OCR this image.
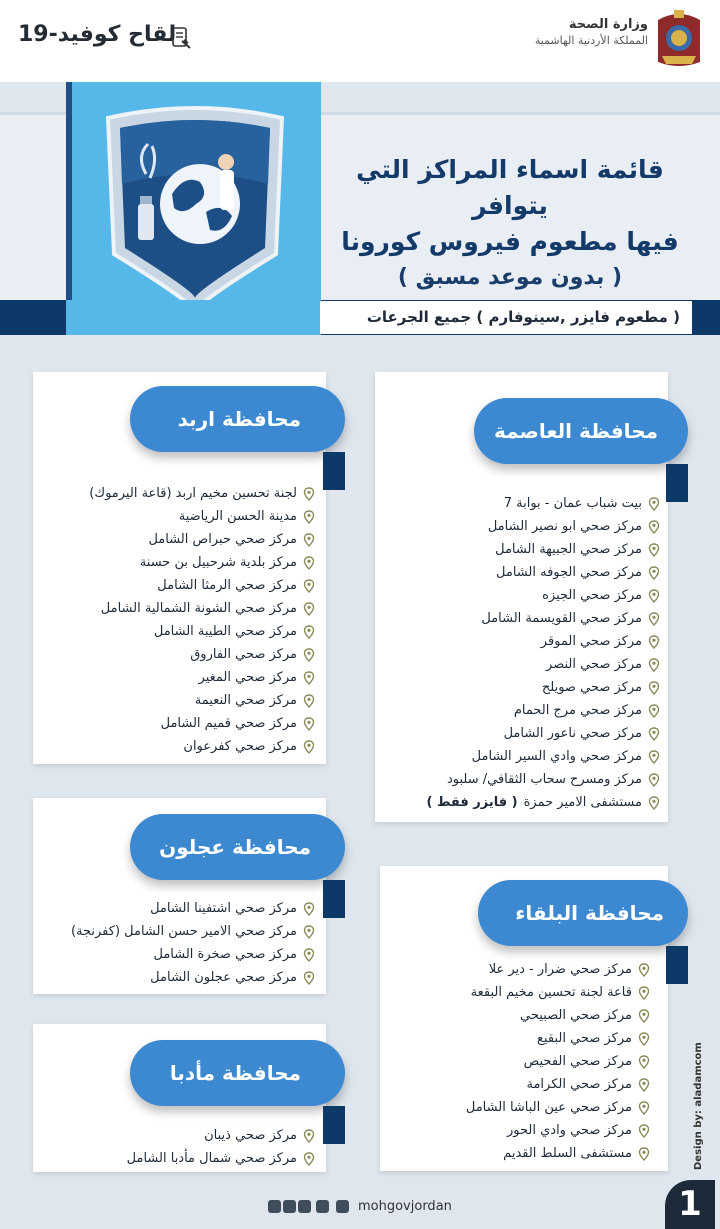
وزارة الصحة
المملكة الأردنية الهاشمية
لقاح كوفيد-19
قائمة اسماء المراكز التي يتوافر
فيها مطعوم فيروس كورونا
( بدون موعد مسبق )
( مطعوم فايزر ,سينوفارم ) جميع الجرعات
محافظة العاصمة
بيت شباب عمان - بوابة 7
مركز صحي ابو نصير الشامل
مركز صحي الجبيهة الشامل
مركز صحي الجوفه الشامل
مركز صحي الجيزه
مركز صحي القويسمة الشامل
مركز صحي الموقر
مركز صحي النصر
مركز صحي صويلح
مركز صحي مرج الحمام
مركز صحي ناعور الشامل
مركز صحي وادي السير الشامل
مركز ومسرح سحاب الثقافي/ سلبود
مستشفى الامير حمزة
( فايزر فقط )
محافظة اربد
لجنة تحسين مخيم اربد (قاعة اليرموك)
مدينة الحسن الرياضية
مركز صحي حبراص الشامل
مركز بلدية شرحبيل بن حسنة
مركز صحي الرمثا الشامل
مركز صحي الشونة الشمالية الشامل
مركز صحي الطيبة الشامل
مركز صحي الفاروق
مركز صحي المغير
مركز صحي النعيمة
مركز صحي قميم الشامل
مركز صحي كفرعوان
محافظة عجلون
مركز صحي اشتفينا الشامل
مركز صحي الامير حسن الشامل (كفرنجة)
مركز صحي صخرة الشامل
مركز صحي عجلون الشامل
محافظة البلقاء
مركز صحي ضرار - دير علا
قاعة لجنة تحسين مخيم البقعة
مركز صحي الصبيحي
مركز صحي البقيع
مركز صحي الفحيص
مركز صحي الكرامة
مركز صحي عين الباشا الشامل
مركز صحي وادي الحور
مستشفى السلط القديم
محافظة مأدبا
مركز صحي ذيبان
مركز صحي شمال مأدبا الشامل
mohgovjordan
Design by: aladamcom
1
